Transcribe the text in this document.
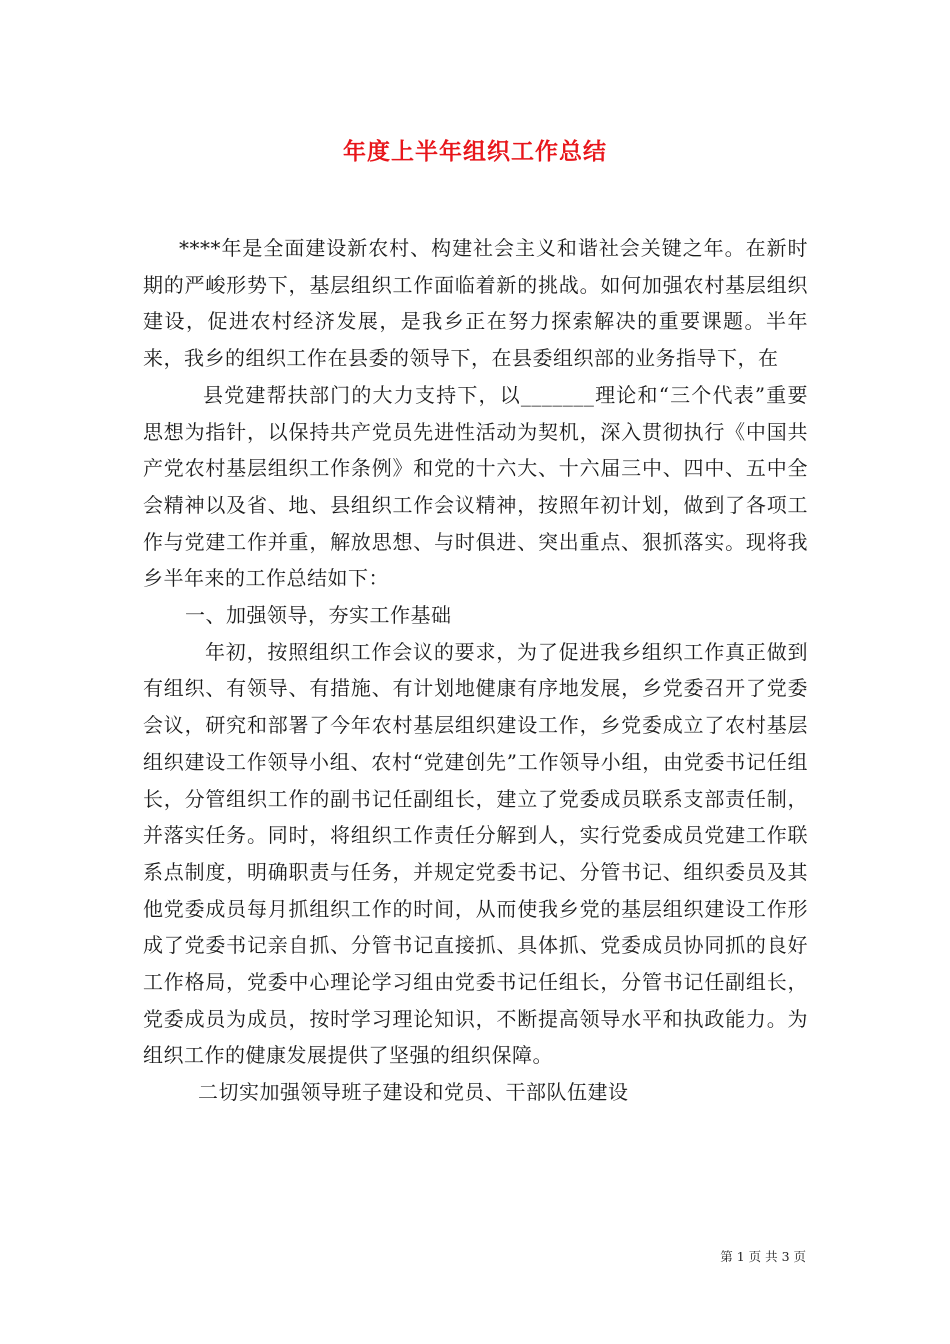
年度上半年组织工作总结

****年是全面建设新农村、构建社会主义和谐社会关键之年。在新时期的严峻形势下，基层组织工作面临着新的挑战。如何加强农村基层组织建设，促进农村经济发展，是我乡正在努力探索解决的重要课题。半年来，我乡的组织工作在县委的领导下，在县委组织部的业务指导下，在

县党建帮扶部门的大力支持下，以_______理论和“三个代表”重要思想为指针，以保持共产党员先进性活动为契机，深入贯彻执行《中国共产党农村基层组织工作条例》和党的十六大、十六届三中、四中、五中全会精神以及省、地、县组织工作会议精神，按照年初计划，做到了各项工作与党建工作并重，解放思想、与时俱进、突出重点、狠抓落实。现将我乡半年来的工作总结如下：

一、加强领导，夯实工作基础

年初，按照组织工作会议的要求，为了促进我乡组织工作真正做到有组织、有领导、有措施、有计划地健康有序地发展，乡党委召开了党委会议，研究和部署了今年农村基层组织建设工作，乡党委成立了农村基层组织建设工作领导小组、农村“党建创先”工作领导小组，由党委书记任组长，分管组织工作的副书记任副组长，建立了党委成员联系支部责任制，并落实任务。同时，将组织工作责任分解到人，实行党委成员党建工作联系点制度，明确职责与任务，并规定党委书记、分管书记、组织委员及其他党委成员每月抓组织工作的时间，从而使我乡党的基层组织建设工作形成了党委书记亲自抓、分管书记直接抓、具体抓、党委成员协同抓的良好工作格局，党委中心理论学习组由党委书记任组长，分管书记任副组长，党委成员为成员，按时学习理论知识，不断提高领导水平和执政能力。为组织工作的健康发展提供了坚强的组织保障。

二切实加强领导班子建设和党员、干部队伍建设

第 1 页 共 3 页
